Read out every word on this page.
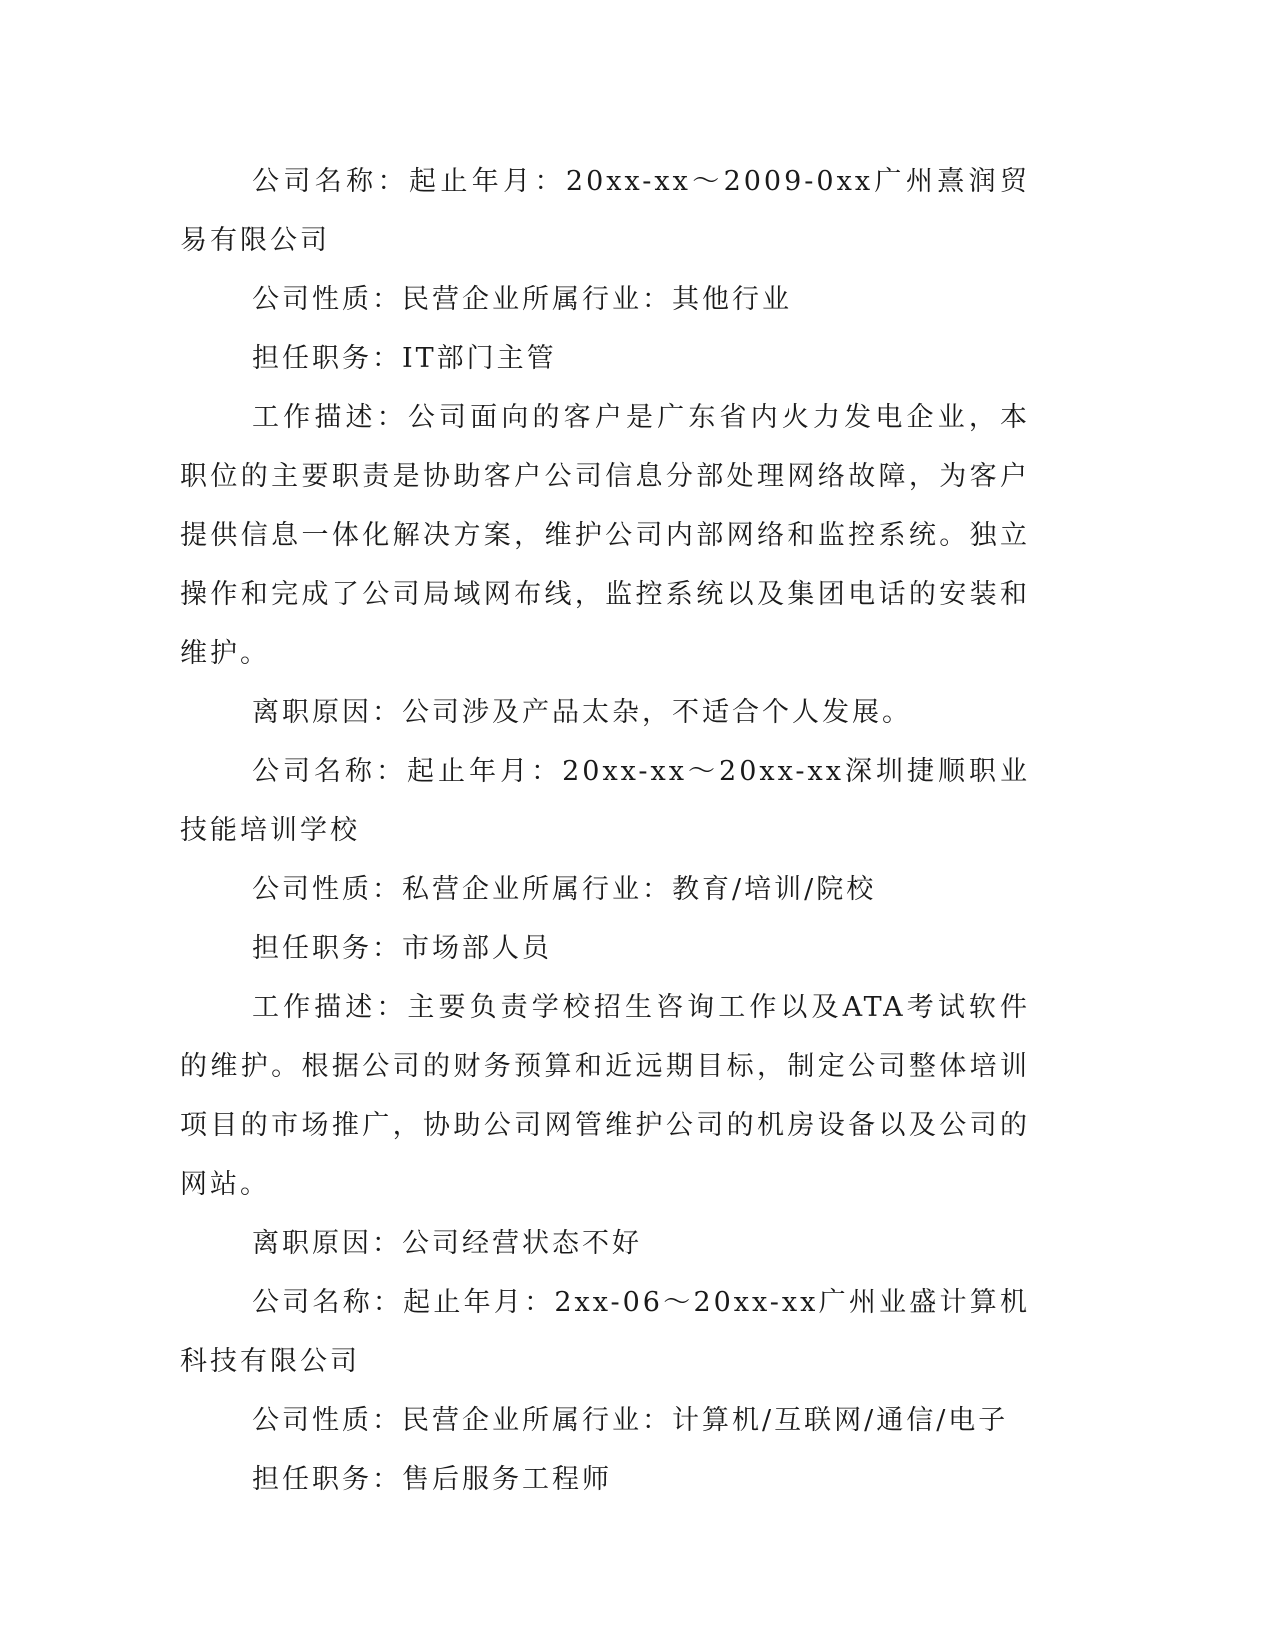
公司名称：起止年月：20xx-xx～2009-0xx广州熹润贸易有限公司

公司性质：民营企业所属行业：其他行业

担任职务：IT部门主管

工作描述：公司面向的客户是广东省内火力发电企业，本职位的主要职责是协助客户公司信息分部处理网络故障，为客户提供信息一体化解决方案，维护公司内部网络和监控系统。独立操作和完成了公司局域网布线，监控系统以及集团电话的安装和维护。

离职原因：公司涉及产品太杂，不适合个人发展。

公司名称：起止年月：20xx-xx～20xx-xx深圳捷顺职业技能培训学校

公司性质：私营企业所属行业：教育/培训/院校

担任职务：市场部人员

工作描述：主要负责学校招生咨询工作以及ATA考试软件的维护。根据公司的财务预算和近远期目标，制定公司整体培训项目的市场推广，协助公司网管维护公司的机房设备以及公司的网站。

离职原因：公司经营状态不好

公司名称：起止年月：2xx-06～20xx-xx广州业盛计算机科技有限公司

公司性质：民营企业所属行业：计算机/互联网/通信/电子

担任职务：售后服务工程师
